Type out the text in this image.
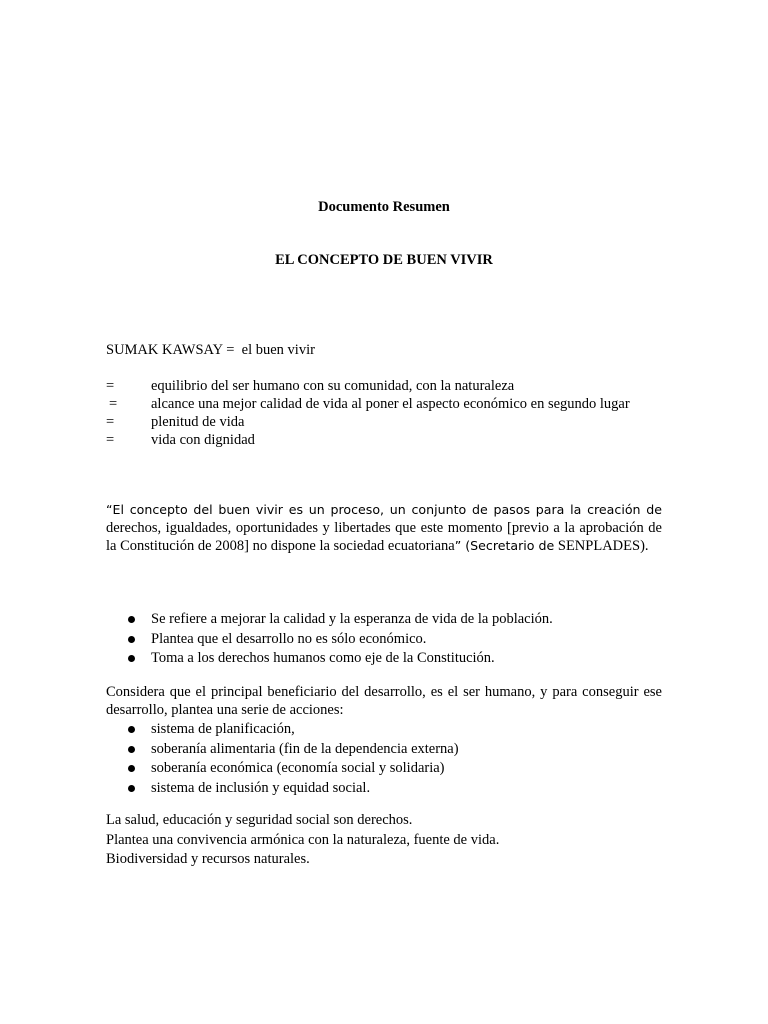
Documento Resumen
EL CONCEPTO DE BUEN VIVIR
SUMAK KAWSAY =  el buen vivir
=	equilibrio del ser humano con su comunidad, con la naturaleza
=	alcance una mejor calidad de vida al poner el aspecto económico en segundo lugar
=	plenitud de vida
=	vida con dignidad
“El concepto del buen vivir es un proceso, un conjunto de pasos para la creación de derechos, igualdades, oportunidades y libertades que este momento [previo a la aprobación de la Constitución de 2008] no dispone la sociedad ecuatoriana” (Secretario de SENPLADES).
Se refiere a mejorar la calidad y la esperanza de vida de la población.
Plantea que el desarrollo no es sólo económico.
Toma a los derechos humanos como eje de la Constitución.
Considera que el principal beneficiario del desarrollo, es el ser humano, y para conseguir ese desarrollo, plantea una serie de acciones:
sistema de planificación,
soberanía alimentaria (fin de la dependencia externa)
soberanía económica (economía social y solidaria)
sistema de inclusión y equidad social.
La salud, educación y seguridad social son derechos.
Plantea una convivencia armónica con la naturaleza, fuente de vida.
Biodiversidad y recursos naturales.
